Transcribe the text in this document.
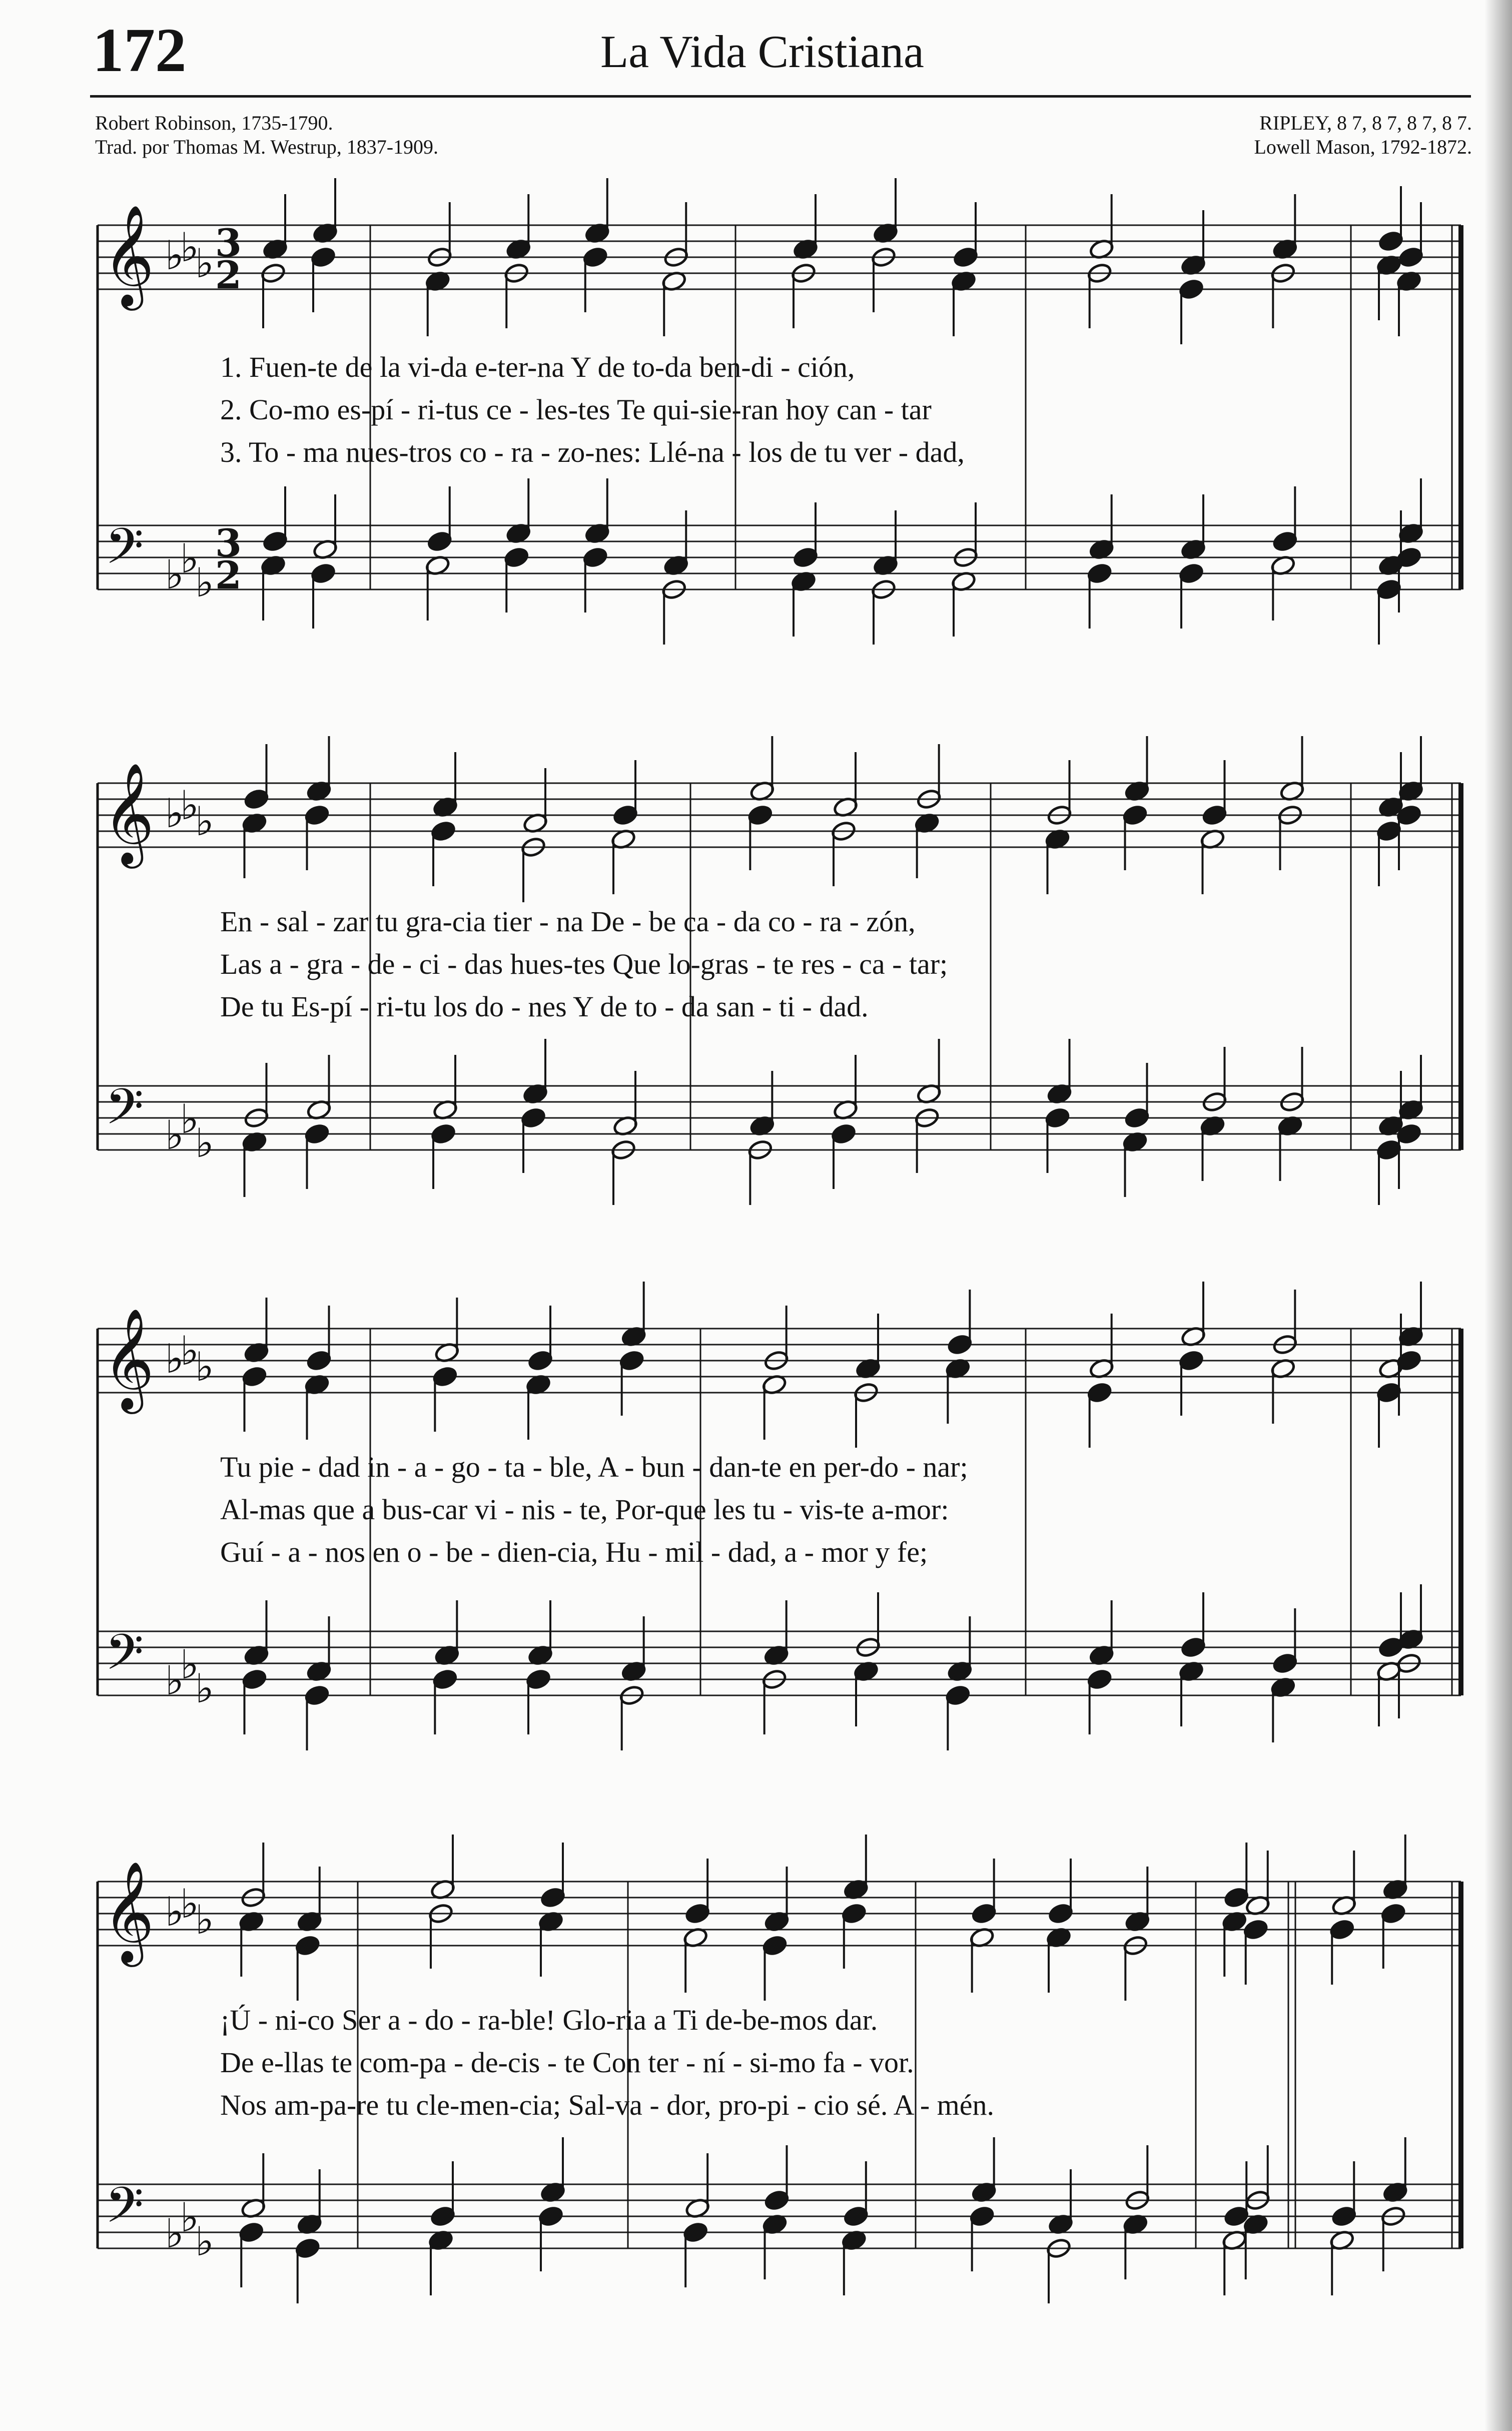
172	La Vida Cristiana
Robert Robinson, 1735-1790.
Trad. por Thomas M. Westrup, 1837-1909.
RIPLEY, 8 7, 8 7, 8 7, 8 7.
Lowell Mason, 1792-1872.
𝄞
𝄢
♭
♭
♭
♭
♭
♭
3
2
3
2
𝄞
𝄢
♭
♭
♭
♭
♭
♭
𝄞
𝄢
♭
♭
♭
♭
♭
♭
𝄞
𝄢
♭
♭
♭
♭
♭
♭
1. Fuen-te de la vi-da e-ter-na Y de to-da ben-di - ción,
2. Co-mo es-pí - ri-tus ce - les-tes Te qui-sie-ran hoy can - tar
3. To - ma nues-tros co - ra - zo-nes: Llé-na - los de tu ver - dad,
En - sal - zar tu gra-cia tier - na De - be ca - da co - ra - zón,
Las a - gra - de - ci - das hues-tes Que lo-gras - te res - ca - tar;
De tu Es-pí - ri-tu los do - nes Y de to - da san - ti - dad.
Tu pie - dad in - a - go - ta - ble, A - bun - dan-te en per-do - nar;
Al-mas que a bus-car vi - nis - te, Por-que les tu - vis-te a-mor:
Guí - a - nos en o - be - dien-cia, Hu - mil - dad, a - mor y fe;
¡Ú - ni-co Ser a - do - ra-ble! Glo-ria a Ti de-be-mos dar.
De e-llas te com-pa - de-cis - te Con ter - ní - si-mo fa - vor.
Nos am-pa-re tu cle-men-cia; Sal-va - dor, pro-pi - cio sé. A - mén.
